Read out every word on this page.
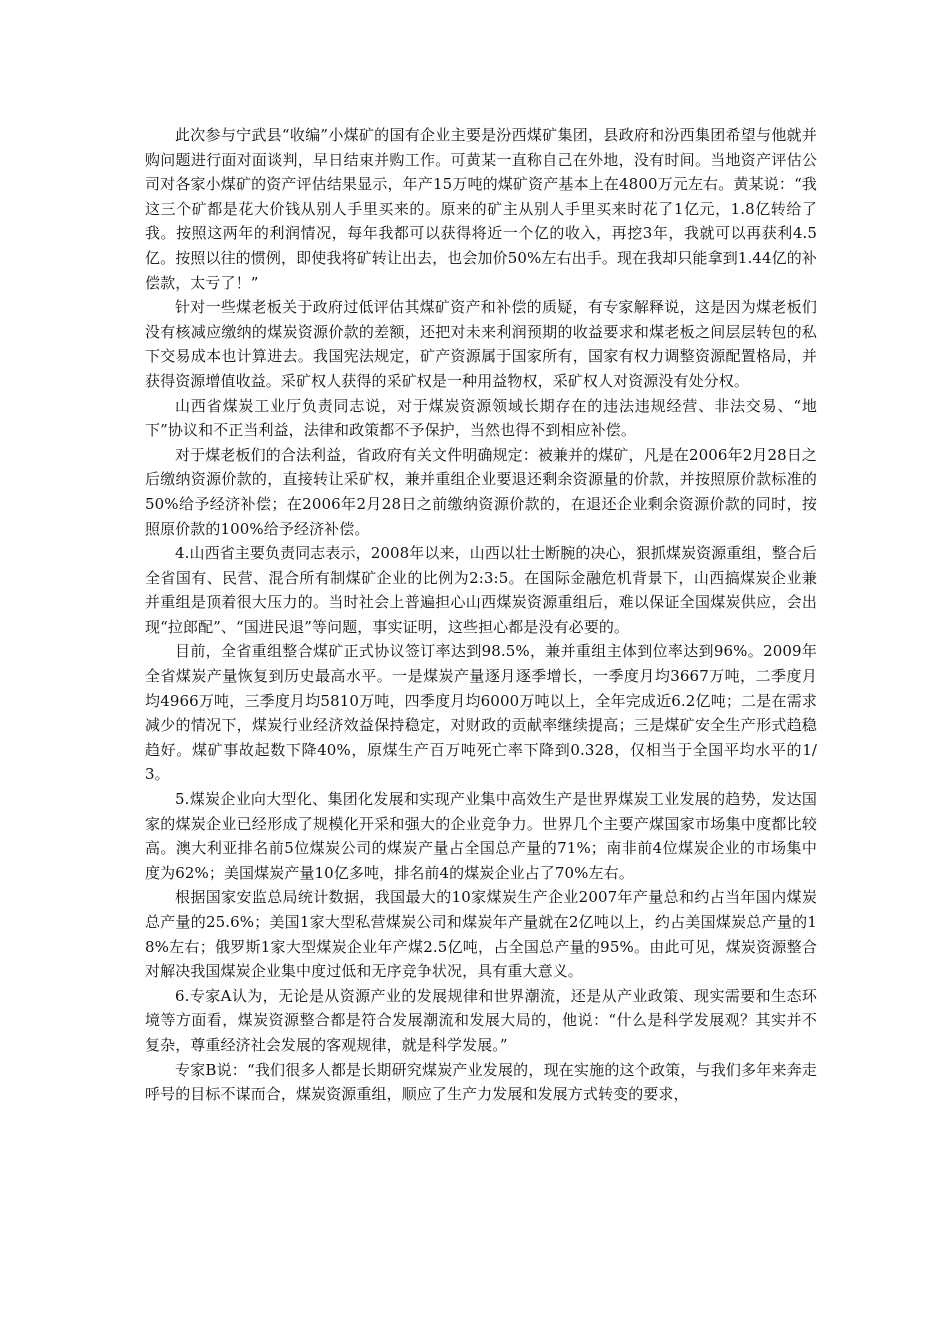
此次参与宁武县“收编”小煤矿的国有企业主要是汾西煤矿集团，县政府和汾西集团希望与他就并购问题进行面对面谈判，早日结束并购工作。可黄某一直称自己在外地，没有时间。当地资产评估公司对各家小煤矿的资产评估结果显示，年产15万吨的煤矿资产基本上在4800万元左右。黄某说：“我这三个矿都是花大价钱从别人手里买来的。原来的矿主从别人手里买来时花了1亿元，1.8亿转给了我。按照这两年的利润情况，每年我都可以获得将近一个亿的收入，再挖3年，我就可以再获利4.5亿。按照以往的惯例，即使我将矿转让出去，也会加价50%左右出手。现在我却只能拿到1.44亿的补偿款，太亏了！”

针对一些煤老板关于政府过低评估其煤矿资产和补偿的质疑，有专家解释说，这是因为煤老板们没有核减应缴纳的煤炭资源价款的差额，还把对未来利润预期的收益要求和煤老板之间层层转包的私下交易成本也计算进去。我国宪法规定，矿产资源属于国家所有，国家有权力调整资源配置格局，并获得资源增值收益。采矿权人获得的采矿权是一种用益物权，采矿权人对资源没有处分权。

山西省煤炭工业厅负责同志说，对于煤炭资源领域长期存在的违法违规经营、非法交易、“地下”协议和不正当利益，法律和政策都不予保护，当然也得不到相应补偿。

对于煤老板们的合法利益，省政府有关文件明确规定：被兼并的煤矿，凡是在2006年2月28日之后缴纳资源价款的，直接转让采矿权，兼并重组企业要退还剩余资源量的价款，并按照原价款标准的50%给予经济补偿；在2006年2月28日之前缴纳资源价款的，在退还企业剩余资源价款的同时，按照原价款的100%给予经济补偿。

4.山西省主要负责同志表示，2008年以来，山西以壮士断腕的决心，狠抓煤炭资源重组，整合后全省国有、民营、混合所有制煤矿企业的比例为2:3:5。在国际金融危机背景下，山西搞煤炭企业兼并重组是顶着很大压力的。当时社会上普遍担心山西煤炭资源重组后，难以保证全国煤炭供应，会出现“拉郎配”、“国进民退”等问题，事实证明，这些担心都是没有必要的。

目前，全省重组整合煤矿正式协议签订率达到98.5%，兼并重组主体到位率达到96%。2009年全省煤炭产量恢复到历史最高水平。一是煤炭产量逐月逐季增长，一季度月均3667万吨，二季度月均4966万吨，三季度月均5810万吨，四季度月均6000万吨以上，全年完成近6.2亿吨；二是在需求减少的情况下，煤炭行业经济效益保持稳定，对财政的贡献率继续提高；三是煤矿安全生产形式趋稳趋好。煤矿事故起数下降40%，原煤生产百万吨死亡率下降到0.328，仅相当于全国平均水平的1/3。

5.煤炭企业向大型化、集团化发展和实现产业集中高效生产是世界煤炭工业发展的趋势，发达国家的煤炭企业已经形成了规模化开采和强大的企业竞争力。世界几个主要产煤国家市场集中度都比较高。澳大利亚排名前5位煤炭公司的煤炭产量占全国总产量的71%；南非前4位煤炭企业的市场集中度为62%；美国煤炭产量10亿多吨，排名前4的煤炭企业占了70%左右。

根据国家安监总局统计数据，我国最大的10家煤炭生产企业2007年产量总和约占当年国内煤炭总产量的25.6%；美国1家大型私营煤炭公司和煤炭年产量就在2亿吨以上，约占美国煤炭总产量的18%左右；俄罗斯1家大型煤炭企业年产煤2.5亿吨，占全国总产量的95%。由此可见，煤炭资源整合对解决我国煤炭企业集中度过低和无序竞争状况，具有重大意义。

6.专家A认为，无论是从资源产业的发展规律和世界潮流，还是从产业政策、现实需要和生态环境等方面看，煤炭资源整合都是符合发展潮流和发展大局的，他说：“什么是科学发展观？其实并不复杂，尊重经济社会发展的客观规律，就是科学发展。”

专家B说：“我们很多人都是长期研究煤炭产业发展的，现在实施的这个政策，与我们多年来奔走呼号的目标不谋而合，煤炭资源重组，顺应了生产力发展和发展方式转变的要求，
